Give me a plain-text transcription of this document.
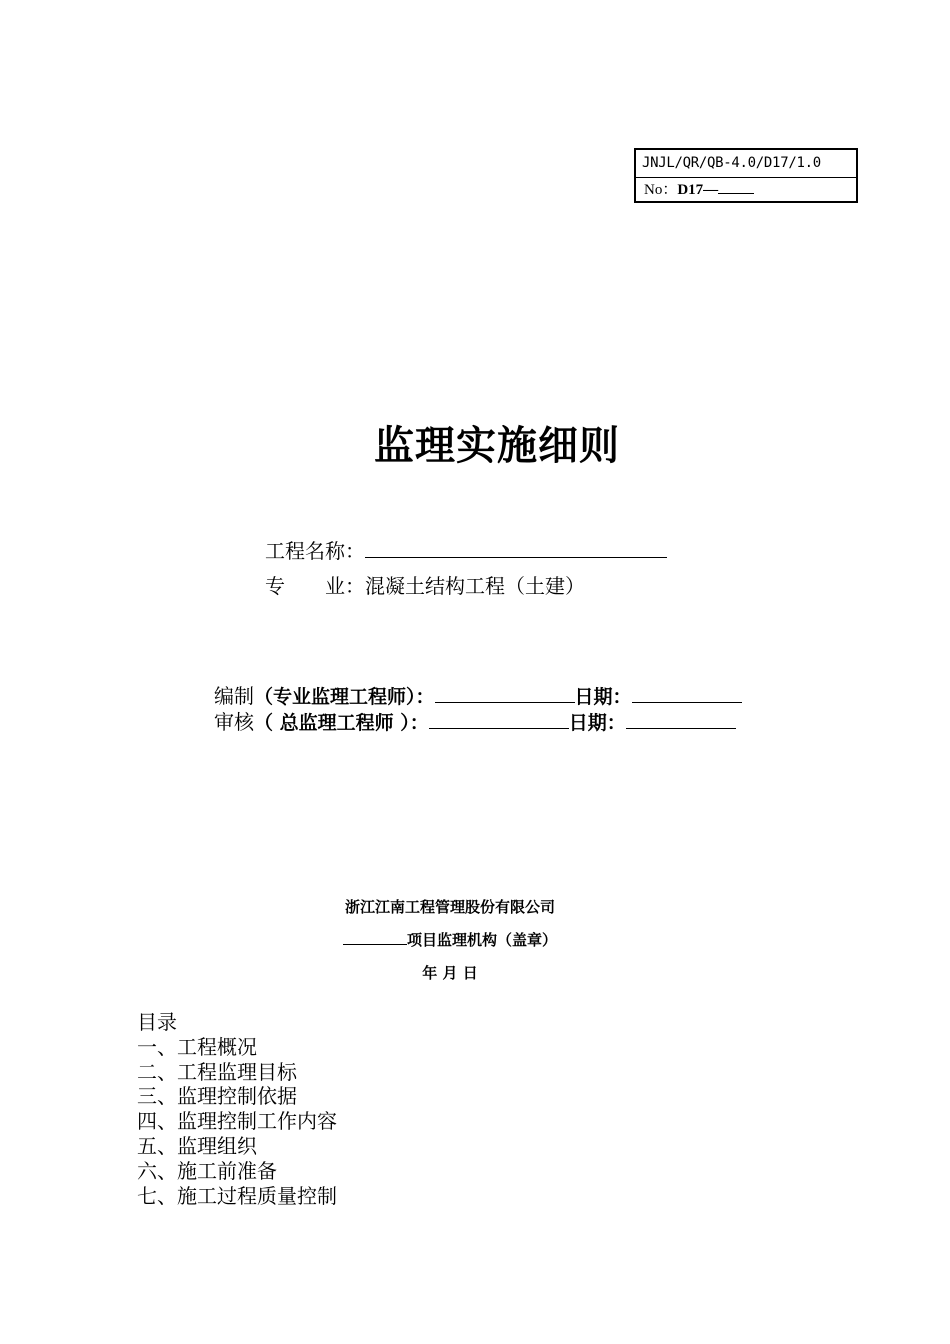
JNJL/QR/QB-4.0/D17/1.0
No：D17—
监理实施细则
工程名称：
专　　业：混凝土结构工程（土建）
编制（专业监理工程师）：	日期：
审核（ 总监理工程师 ）：	日期：
浙江江南工程管理股份有限公司
项目监理机构（盖章）
年 月 日
目录
一、工程概况
二、工程监理目标
三、监理控制依据
四、监理控制工作内容
五、监理组织
六、施工前准备
七、施工过程质量控制
